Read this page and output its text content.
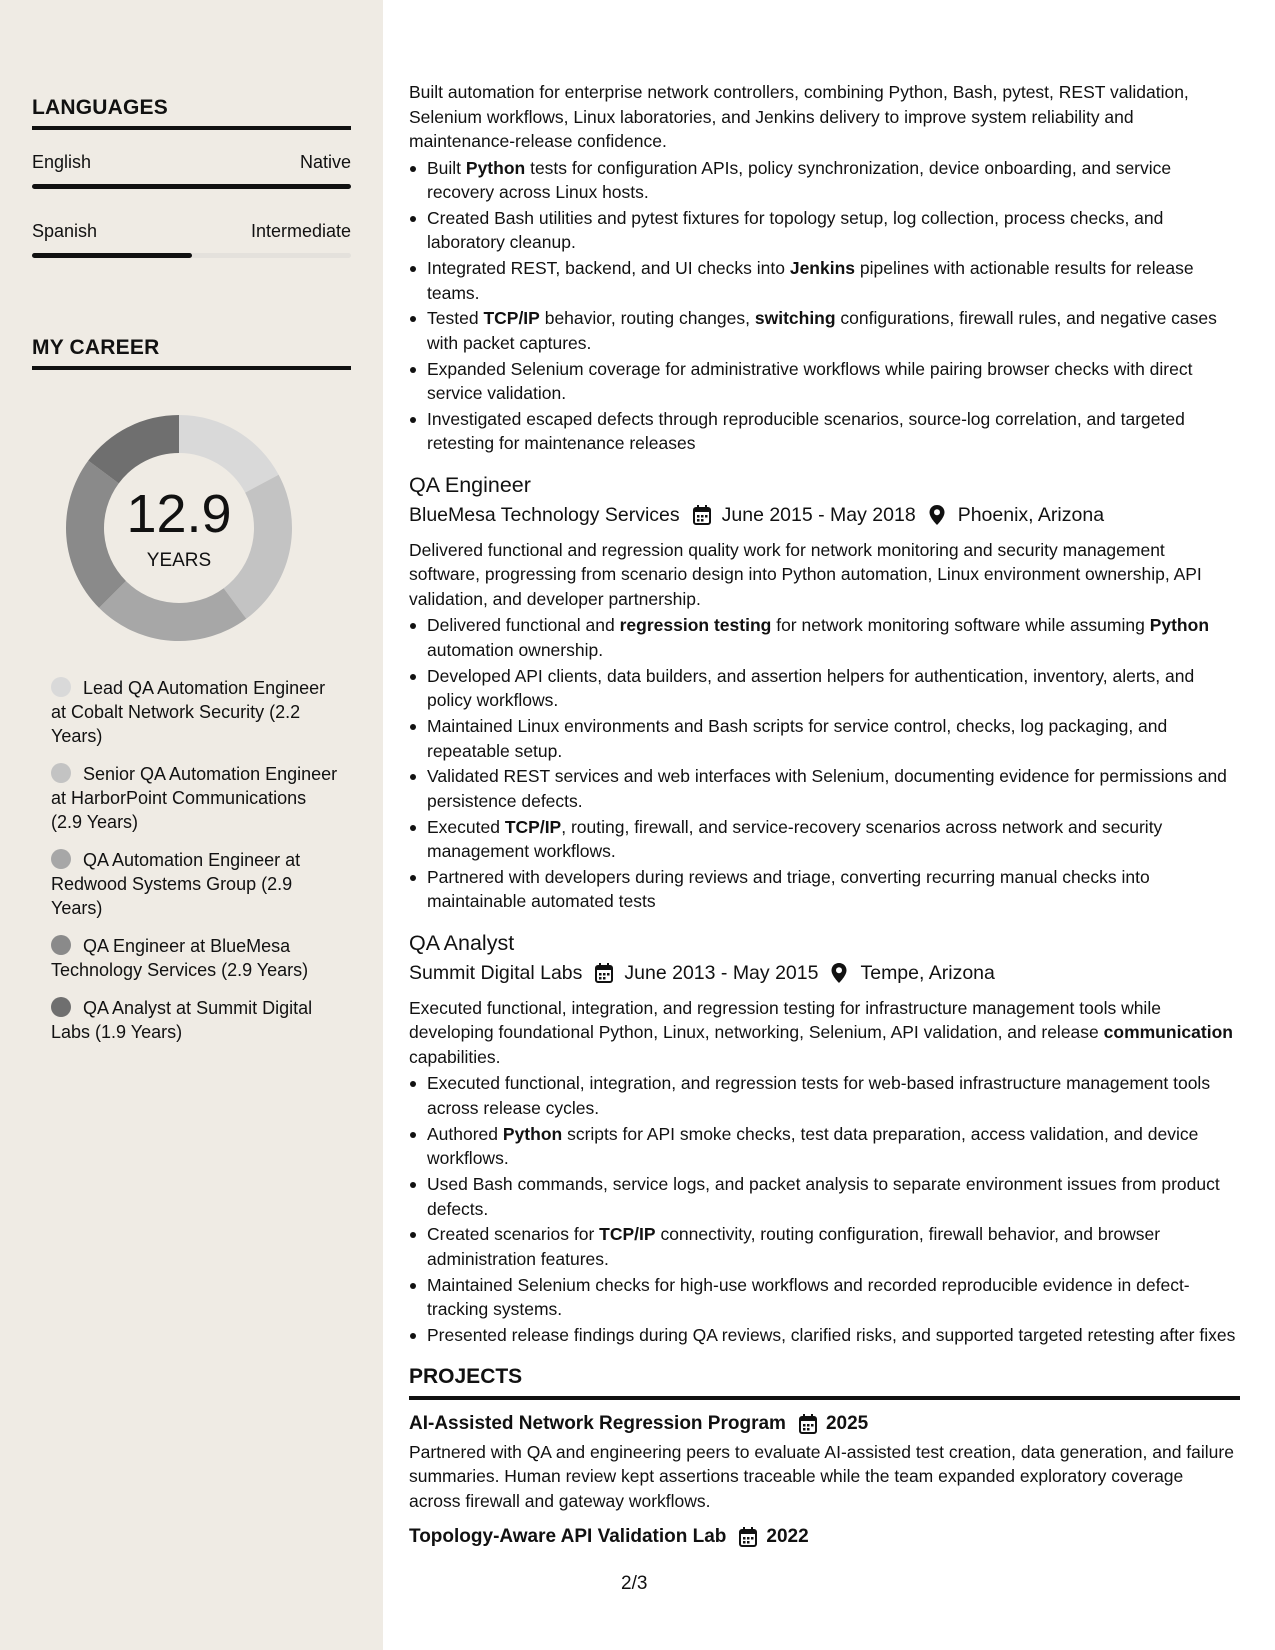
LANGUAGES
English	Native
Spanish	Intermediate
MY CAREER
12.9
YEARS
Lead QA Automation Engineer at Cobalt Network Security (2.2 Years)
Senior QA Automation Engineer at HarborPoint Communications (2.9 Years)
QA Automation Engineer at Redwood Systems Group (2.9 Years)
QA Engineer at BlueMesa Technology Services (2.9 Years)
QA Analyst at Summit Digital Labs (1.9 Years)

Built automation for enterprise network controllers, combining Python, Bash, pytest, REST validation, Selenium workflows, Linux laboratories, and Jenkins delivery to improve system reliability and maintenance-release confidence.

Built Python tests for configuration APIs, policy synchronization, device onboarding, and service recovery across Linux hosts.
Created Bash utilities and pytest fixtures for topology setup, log collection, process checks, and laboratory cleanup.
Integrated REST, backend, and UI checks into Jenkins pipelines with actionable results for release teams.
Tested TCP/IP behavior, routing changes, switching configurations, firewall rules, and negative cases with packet captures.
Expanded Selenium coverage for administrative workflows while pairing browser checks with direct service validation.
Investigated escaped defects through reproducible scenarios, source-log correlation, and targeted retesting for maintenance releases
QA Engineer
BlueMesa Technology Services June 2015 - May 2018 Phoenix, Arizona

Delivered functional and regression quality work for network monitoring and security management software, progressing from scenario design into Python automation, Linux environment ownership, API validation, and developer partnership.

Delivered functional and regression testing for network monitoring software while assuming Python automation ownership.
Developed API clients, data builders, and assertion helpers for authentication, inventory, alerts, and policy workflows.
Maintained Linux environments and Bash scripts for service control, checks, log packaging, and repeatable setup.
Validated REST services and web interfaces with Selenium, documenting evidence for permissions and persistence defects.
Executed TCP/IP, routing, firewall, and service-recovery scenarios across network and security management workflows.
Partnered with developers during reviews and triage, converting recurring manual checks into maintainable automated tests
QA Analyst
Summit Digital Labs June 2013 - May 2015 Tempe, Arizona

Executed functional, integration, and regression testing for infrastructure management tools while developing foundational Python, Linux, networking, Selenium, API validation, and release communication capabilities.

Executed functional, integration, and regression tests for web-based infrastructure management tools across release cycles.
Authored Python scripts for API smoke checks, test data preparation, access validation, and device workflows.
Used Bash commands, service logs, and packet analysis to separate environment issues from product defects.
Created scenarios for TCP/IP connectivity, routing configuration, firewall behavior, and browser administration features.
Maintained Selenium checks for high-use workflows and recorded reproducible evidence in defect-tracking systems.
Presented release findings during QA reviews, clarified risks, and supported targeted retesting after fixes
PROJECTS
AI-Assisted Network Regression Program 2025

Partnered with QA and engineering peers to evaluate AI-assisted test creation, data generation, and failure summaries. Human review kept assertions traceable while the team expanded exploratory coverage across firewall and gateway workflows.

Topology-Aware API Validation Lab 2022
2/3
